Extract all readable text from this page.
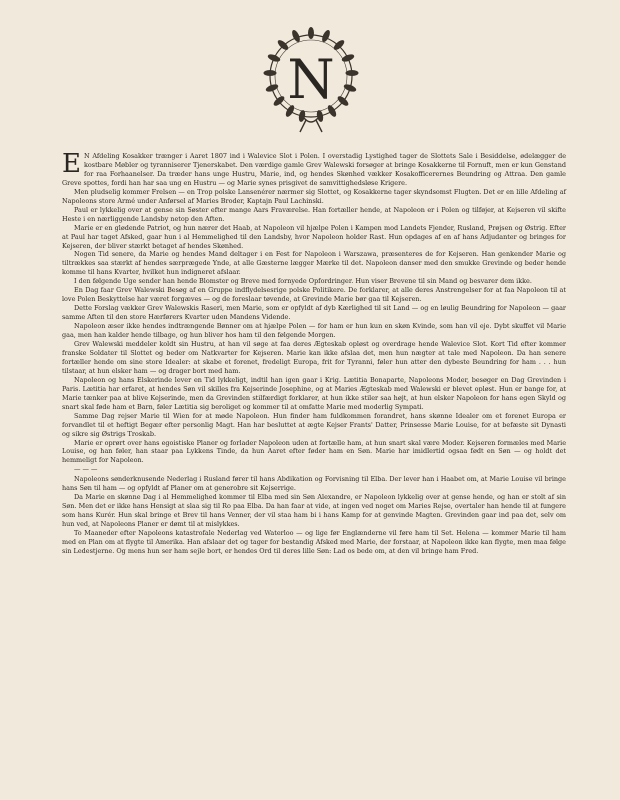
N

E N Afdeling Kosakker trænger i Aaret 1807 ind i Walevice Slot i Polen. I overstadig Lystighed tager de Slottets Sale i Besiddelse, ødelægger de kostbare Møbler og tyranniserer Tjenerskabet. Den værdige gamle Grev Walewski forsøger at bringe Kosakkerne til Fornuft, men er kun Genstand for raa Forhaanelser. Da træder hans unge Hustru, Marie, ind, og hendes Skønhed vækker Kosakofficerernes Beundring og Attraa. Den gamle Greve spottes, fordi han har saa ung en Hustru — og Marie synes prisgivet de samvittighedsløse Krigere.

Men pludselig kommer Frelsen — en Trop polske Lansenérer nærmer sig Slottet, og Kosakkerne tager skyndsomst Flugten. Det er en lille Afdeling af Napoleons store Armé under Anførsel af Maries Broder, Kaptajn Paul Lachinski.

Paul er lykkelig over at gense sin Søster efter mange Aars Fraværelse. Han fortæller hende, at Napoleon er i Polen og tilføjer, at Kejseren vil skifte Heste i en nærliggende Landsby netop den Aften.

Marie er en glødende Patriot, og hun nærer det Haab, at Napoleon vil hjælpe Polen i Kampen mod Landets Fjender, Rusland, Prøjsen og Østrig. Efter at Paul har taget Afsked, gaar hun i al Hemmelighed til den Landsby, hvor Napoleon holder Rast. Hun opdages af en af hans Adjudanter og bringes for Kejseren, der bliver stærkt betaget af hendes Skønhed.

Nogen Tid senere, da Marie og hendes Mand deltager i en Fest for Napoleon i Warszawa, præsenteres de for Kejseren. Han genkender Marie og tiltrækkes saa stærkt af hendes særprægede Ynde, at alle Gæsterne lægger Mærke til det. Napoleon danser med den smukke Grevinde og beder hende komme til hans Kvarter, hvilket hun indigneret afslaar.

I den følgende Uge sender han hende Blomster og Breve med fornyede Opfordringer. Hun viser Brevene til sin Mand og besvarer dem ikke.

En Dag faar Grev Walewski Besøg af en Gruppe indflydelsesrige polske Politikere. De forklarer, at alle deres Anstrengelser for at faa Napoleon til at love Polen Beskyttelse har været forgæves — og de foreslaar tøvende, at Grevinde Marie bør gaa til Kejseren.

Dette Forslag vækker Grev Walewskis Raseri, men Marie, som er opfyldt af dyb Kærlighed til sit Land — og en løulig Beundring for Napoleon — gaar samme Aften til den store Hærførers Kvarter uden Mandens Vidende.

Napoleon æser ikke hendes indtrængende Bønner om at hjælpe Polen — for ham er hun kun en skøn Kvinde, som han vil eje. Dybt skuffet vil Marie gaa, men han kalder hende tilbage, og hun bliver hos ham til den følgende Morgen.

Grev Walewski meddeler koldt sin Hustru, at han vil søge at faa deres Ægteskab opløst og overdrage hende Walevice Slot. Kort Tid efter kommer franske Soldater til Slottet og beder om Natkvarter for Kejseren. Marie kan ikke afslaa det, men hun nægter at tale med Napoleon. Da han senere fortæller hende om sine store Idealer: at skabe et forenet, fredeligt Europa, frit for Tyranni, føler hun atter den dybeste Beundring for ham . . . hun tilstaar, at hun elsker ham — og drager bort med ham.

Napoleon og hans Elskerinde lever en Tid lykkeligt, indtil han igen gaar i Krig. Lætitia Bonaparte, Napoleons Moder, besøger en Dag Grevinden i Paris. Lætitia har erfaret, at hendes Søn vil skilles fra Kejserinde Josephine, og at Maries Ægteskab med Walewski er blevet opløst. Hun er bange for, at Marie tænker paa at blive Kejserinde, men da Grevinden stilfærdigt forklarer, at hun ikke stiler saa højt, at hun elsker Napoleon for hans egen Skyld og snart skal føde ham et Barn, føler Lætitia sig beroliget og kommer til at omfatte Marie med moderlig Sympati.

Samme Dag rejser Marie til Wien for at møde Napoleon. Hun finder ham fuldkommen forandret, hans skønne Idealer om et forenet Europa er forvandlet til et heftigt Begær efter personlig Magt. Han har besluttet at ægte Kejser Frants' Datter, Prinsesse Marie Louise, for at befæste sit Dynasti og sikre sig Østrigs Troskab.

Marie er oprørt over hans egoistiske Planer og forlader Napoleon uden at fortælle ham, at hun snart skal være Moder. Kejseren formæles med Marie Louise, og han føler, han staar paa Lykkens Tinde, da hun Aaret efter føder ham en Søn. Marie har imidlertid ogsaa født en Søn — og holdt det hemmeligt for Napoleon.

— — —

Napoleons sønderknusende Nederlag i Rusland fører til hans Abdikation og Forvisning til Elba. Der lever han i Haabet om, at Marie Louise vil bringe hans Søn til ham — og opfyldt af Planer om at generobre sit Kejserrige.

Da Marie en skønne Dag i al Hemmelighed kommer til Elba med sin Søn Alexandre, er Napoleon lykkelig over at gense hende, og han er stolt af sin Søn. Men det er ikke hans Hensigt at slaa sig til Ro paa Elba. Da han faar at vide, at ingen ved noget om Maries Rejse, overtaler han hende til at fungere som hans Kurér. Hun skal bringe et Brev til hans Venner, der vil staa ham bi i hans Kamp for at genvinde Magten. Grevinden gaar ind paa det, selv om hun ved, at Napoleons Planer er dømt til at mislykkes.

To Maaneder efter Napoleons katastrofale Nederlag ved Waterloo — og lige før Englænderne vil føre ham til Set. Helena — kommer Marie til ham med en Plan om at flygte til Amerika. Han afslaar det og tager for bestandig Afsked med Marie, der forstaar, at Napoleon ikke kan flygte, men maa følge sin Ledestjerne. Og mens hun ser ham sejle bort, er hendes Ord til deres lille Søn: Lad os bede om, at den vil bringe ham Fred.
